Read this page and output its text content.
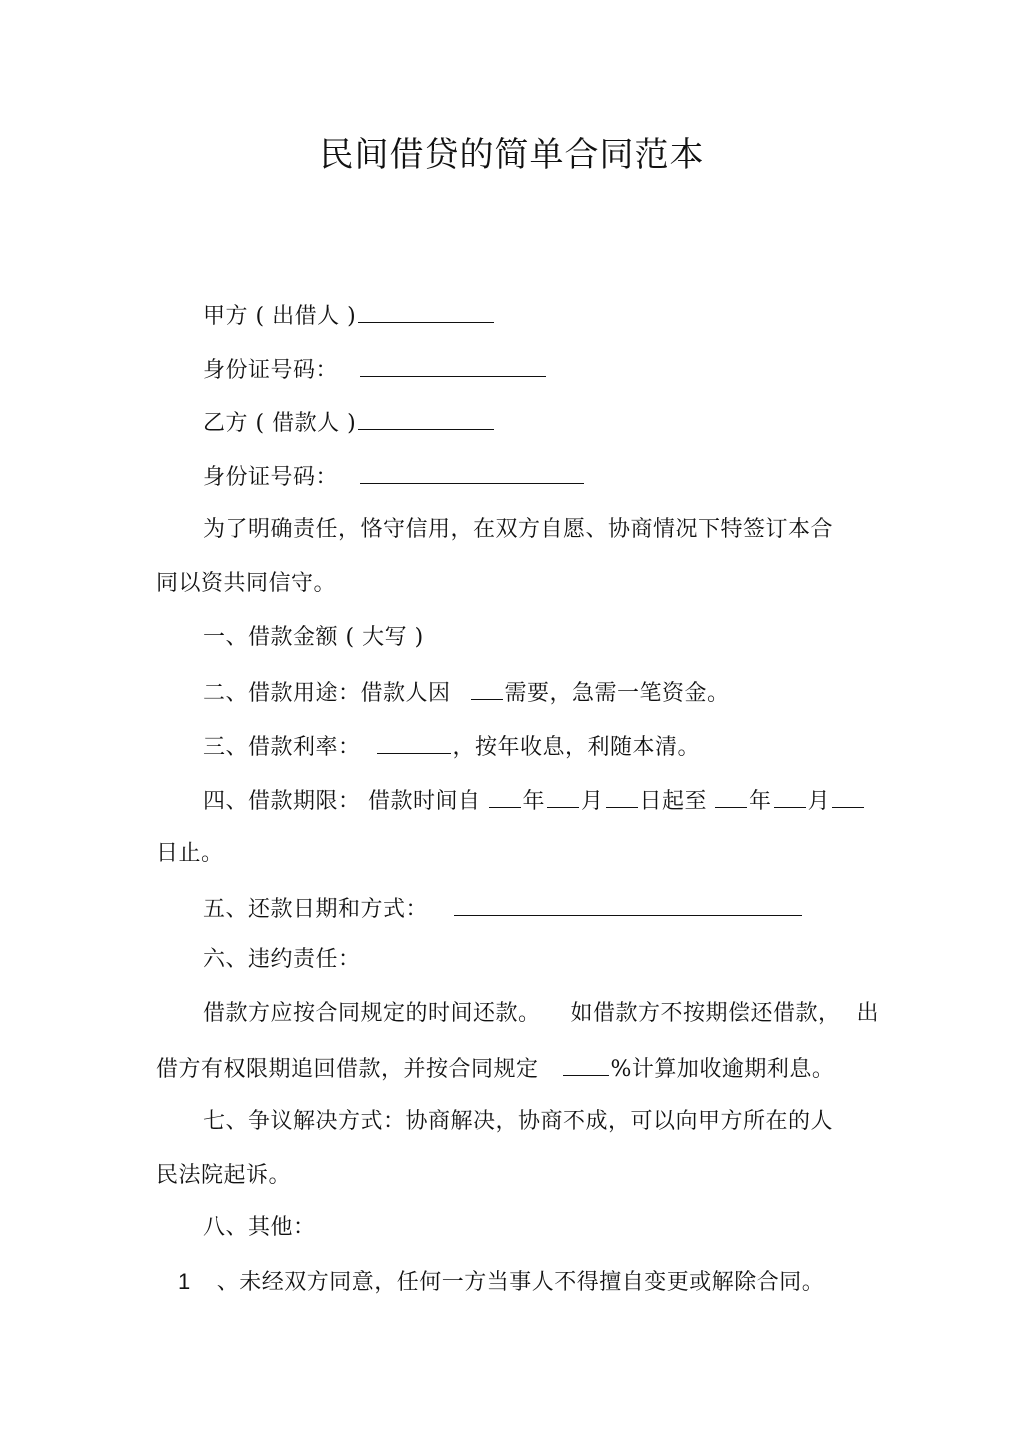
民间借贷的简单合同范本
甲方 ( 出借人 )
身份证号码：
乙方 ( 借款人 )
身份证号码：
为了明确责任，恪守信用，在双方自愿、协商情况下特签订本合
同以资共同信守。
一、借款金额 ( 大写 )
二、借款用途：借款人因 需要，急需一笔资金。
三、借款利率：	，按年收息，利随本清。
四、借款期限： 借款时间自 年 月 日起至 年 月
日止。
五、还款日期和方式：
六、违约责任：
借款方应按合同规定的时间还款。 如借款方不按期偿还借款， 出
借方有权限期追回借款，并按合同规定	%计算加收逾期利息。
七、争议解决方式：协商解决，协商不成，可以向甲方所在的人
民法院起诉。
八、其他：
1 、未经双方同意，任何一方当事人不得擅自变更或解除合同。
